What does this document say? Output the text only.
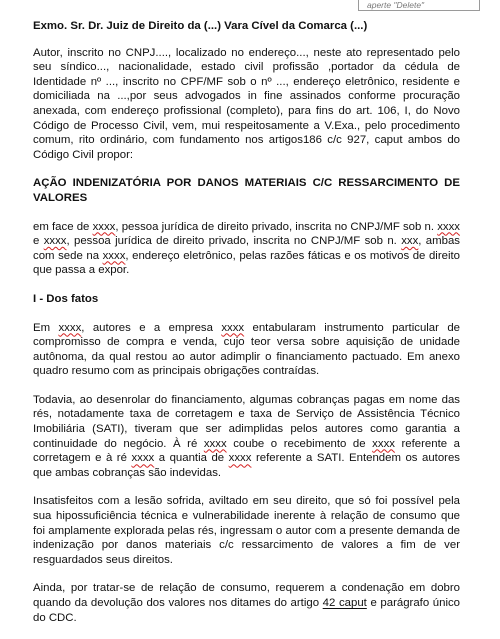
aperte "Delete"

Exmo. Sr. Dr. Juiz de Direito da (...) Vara Cível da Comarca (...)

Autor, inscrito no CNPJ...., localizado no endereço..., neste ato representado pelo seu síndico..., nacionalidade, estado civil profissão ,portador da cédula de Identidade nº ..., inscrito no CPF/MF sob o nº ..., endereço eletrônico, residente e domiciliada na ...,por seus advogados in fine assinados conforme procuração anexada, com endereço profissional (completo), para fins do art. 106, I, do Novo Código de Processo Civil, vem, mui respeitosamente a V.Exa., pelo procedimento comum, rito ordinário, com fundamento nos artigos186 c/c 927, caput ambos do Código Civil propor:

AÇÃO INDENIZATÓRIA POR DANOS MATERIAIS C/C RESSARCIMENTO DE VALORES

em face de xxxx, pessoa jurídica de direito privado, inscrita no CNPJ/MF sob n. xxxx e xxxx, pessoa jurídica de direito privado, inscrita no CNPJ/MF sob n. xxx, ambas com sede na xxxx, endereço eletrônico, pelas razões fáticas e os motivos de direito que passa a expor.

I - Dos fatos

Em xxxx, autores e a empresa xxxx entabularam instrumento particular de compromisso de compra e venda, cujo teor versa sobre aquisição de unidade autônoma, da qual restou ao autor adimplir o financiamento pactuado. Em anexo quadro resumo com as principais obrigações contraídas.

Todavia, ao desenrolar do financiamento, algumas cobranças pagas em nome das rés, notadamente taxa de corretagem e taxa de Serviço de Assistência Técnico Imobiliária (SATI), tiveram que ser adimplidas pelos autores como garantia a continuidade do negócio. À ré xxxx coube o recebimento de xxxx referente a corretagem e à ré xxxx a quantia de xxxx referente a SATI. Entendem os autores que ambas cobranças são indevidas.

Insatisfeitos com a lesão sofrida, aviltado em seu direito, que só foi possível pela sua hipossuficiência técnica e vulnerabilidade inerente à relação de consumo que foi amplamente explorada pelas rés, ingressam o autor com a presente demanda de indenização por danos materiais c/c ressarcimento de valores a fim de ver resguardados seus direitos.

Ainda, por tratar-se de relação de consumo, requerem a condenação em dobro quando da devolução dos valores nos ditames do artigo 42 caput e parágrafo único do CDC.
